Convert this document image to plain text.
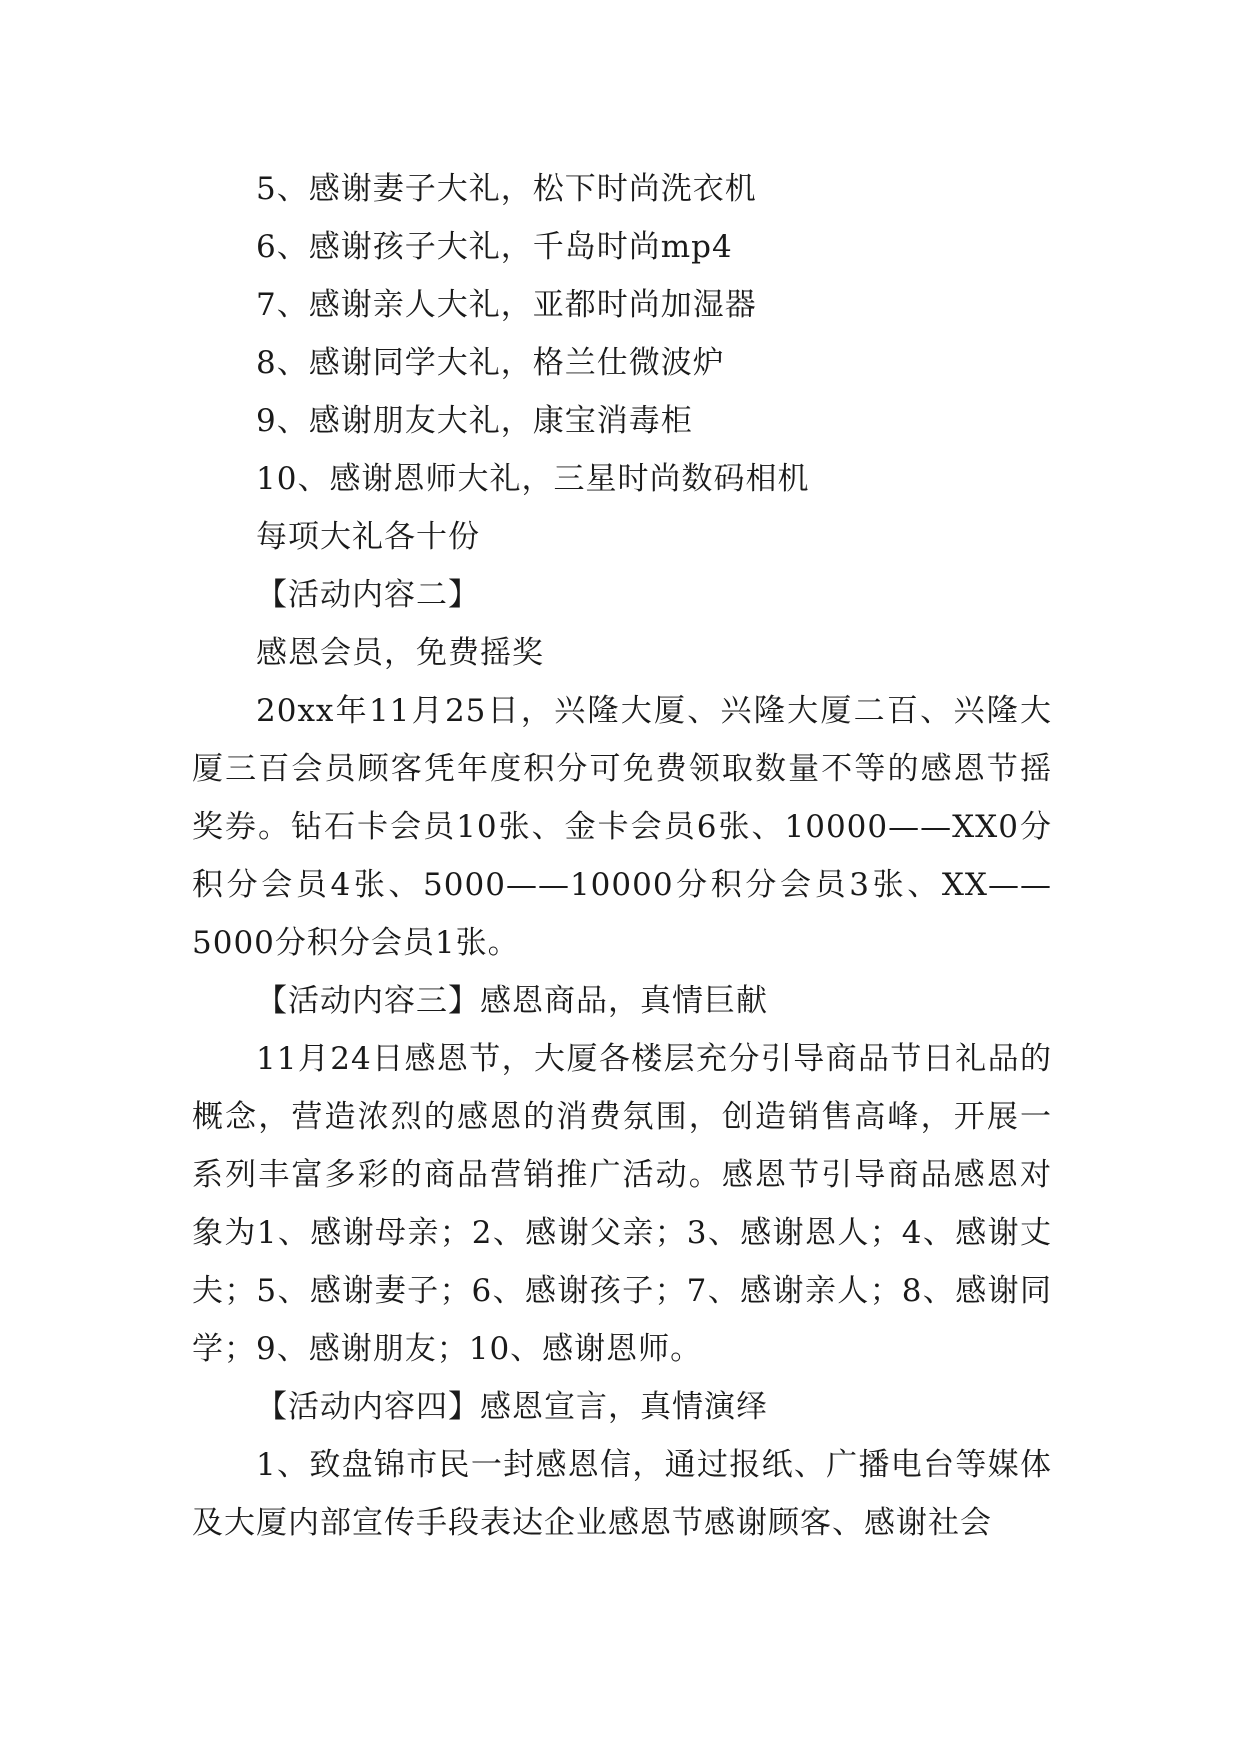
5、感谢妻子大礼，松下时尚洗衣机

6、感谢孩子大礼，千岛时尚mp4

7、感谢亲人大礼，亚都时尚加湿器

8、感谢同学大礼，格兰仕微波炉

9、感谢朋友大礼，康宝消毒柜

10、感谢恩师大礼，三星时尚数码相机

每项大礼各十份

【活动内容二】

感恩会员，免费摇奖

20xx年11月25日，兴隆大厦、兴隆大厦二百、兴隆大厦三百会员顾客凭年度积分可免费领取数量不等的感恩节摇奖券。钻石卡会员10张、金卡会员6张、10000——XX0分积分会员4张、5000——10000分积分会员3张、XX——5000分积分会员1张。

【活动内容三】感恩商品，真情巨献

11月24日感恩节，大厦各楼层充分引导商品节日礼品的概念，营造浓烈的感恩的消费氛围，创造销售高峰，开展一系列丰富多彩的商品营销推广活动。感恩节引导商品感恩对象为1、感谢母亲；2、感谢父亲；3、感谢恩人；4、感谢丈夫；5、感谢妻子；6、感谢孩子；7、感谢亲人；8、感谢同学；9、感谢朋友；10、感谢恩师。

【活动内容四】感恩宣言，真情演绎

1、致盘锦市民一封感恩信，通过报纸、广播电台等媒体及大厦内部宣传手段表达企业感恩节感谢顾客、感谢社会
